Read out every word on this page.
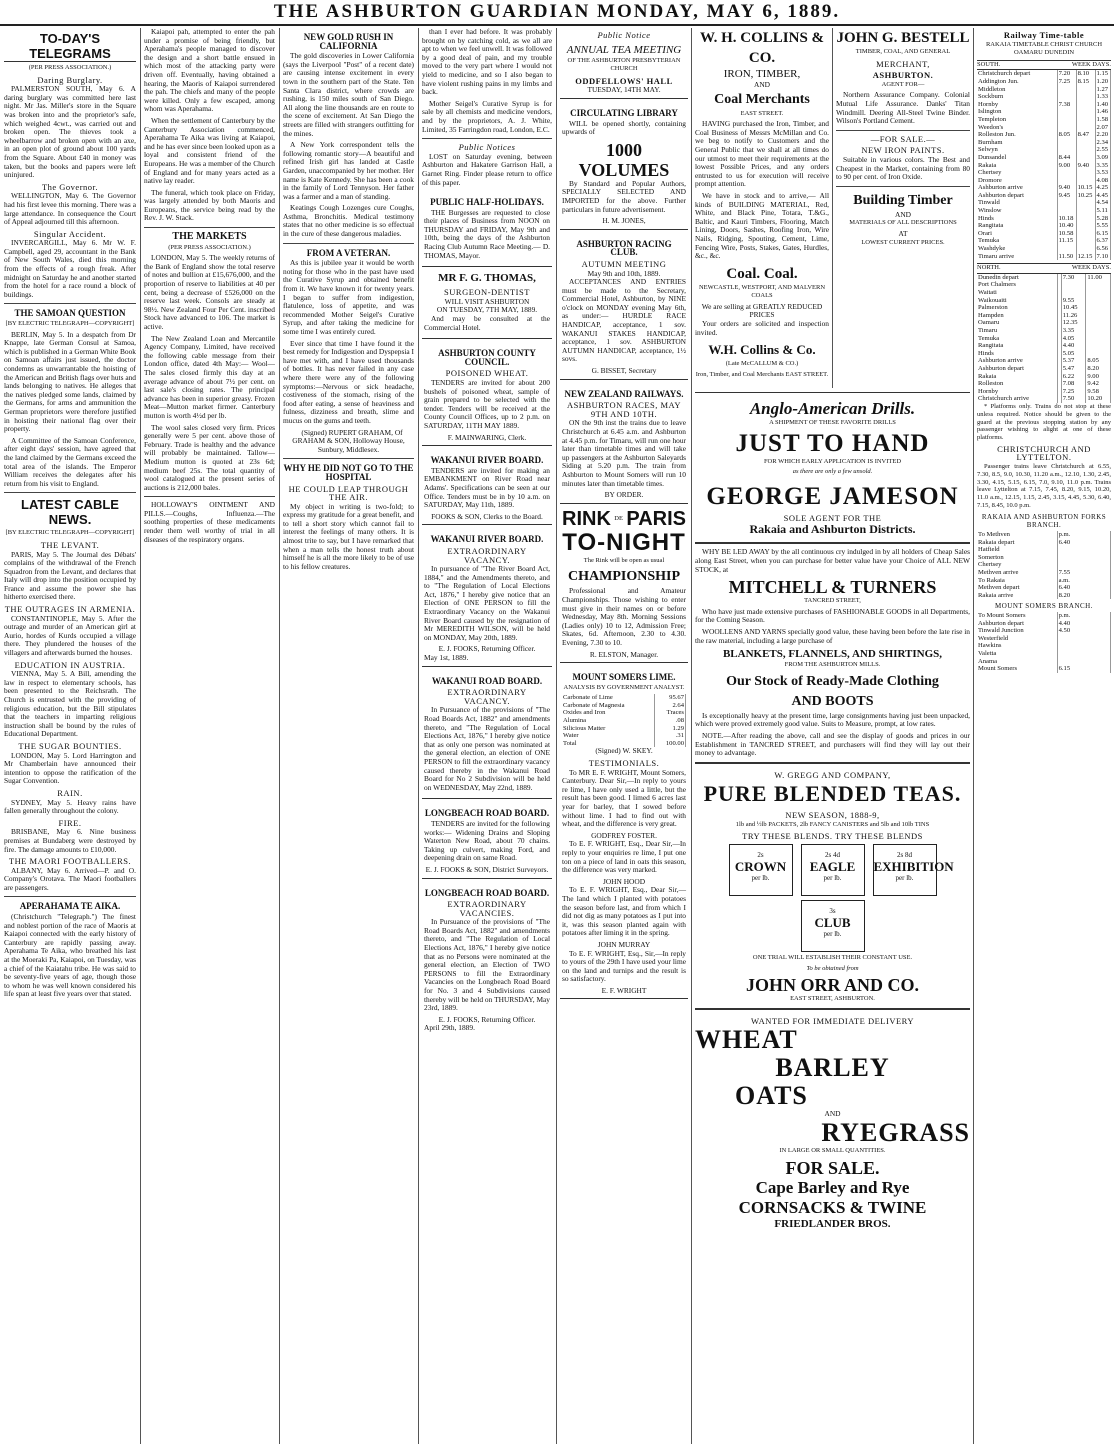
THE ASHBURTON GUARDIAN MONDAY, MAY 6, 1889.
TO-DAY'S TELEGRAMS
(PER PRESS ASSOCIATION.)
Daring Burglary.

PALMERSTON SOUTH, May 6. A daring burglary was committed here last night. Mr Jas. Miller's store in the Square was broken into and the proprietor's safe, which weighed 4cwt., was carried out and broken open. The thieves took a wheelbarrow and broken open with an axe, in an open plot of ground about 100 yards from the Square. About £40 in money was taken, but the books and papers were left uninjured.

The Governor.

WELLINGTON, May 6. The Governor had his first levee this morning. There was a large attendance. In consequence the Court of Appeal adjourned till this afternoon.

Singular Accident.

INVERCARGILL, May 6. Mr W. F. Campbell, aged 29, accountant in the Bank of New South Wales, died this morning from the effects of a rough freak. After midnight on Saturday he and another started from the hotel for a race round a block of buildings.

THE SAMOAN QUESTION
[BY ELECTRIC TELEGRAPH—COPYRIGHT]

BERLIN, May 5. In a despatch from Dr Knappe, late German Consul at Samoa, which is published in a German White Book on Samoan affairs just issued, the doctor condemns as unwarrantable the hoisting of the American and British flags over huts and lands belonging to natives. He alleges that the natives pledged some lands, claimed by the Germans, for arms and ammunition the German proprietors were therefore justified in hoisting their national flag over their property.

A Committee of the Samoan Conference, after eight days' session, have agreed that the land claimed by the Germans exceed the total area of the islands. The Emperor William receives the delegates after his return from his visit to England.

LATEST CABLE NEWS.
[BY ELECTRIC TELEGRAPH—COPYRIGHT]
THE LEVANT.

PARIS, May 5. The Journal des Débats' complains of the withdrawal of the French Squadron from the Levant, and declares that Italy will drop into the position occupied by France and assume the power she has hitherto exercised there.

THE OUTRAGES IN ARMENIA.

CONSTANTINOPLE, May 5. After the outrage and murder of an American girl at Aurio, hordes of Kurds occupied a village there. They plundered the houses of the villagers and afterwards burned the houses.

EDUCATION IN AUSTRIA.

VIENNA, May 5. A Bill, amending the law in respect to elementary schools, has been presented to the Reichsrath. The Church is entrusted with the providing of religious education, but the Bill stipulates that the teachers in imparting religious instruction shall be bound by the rules of Educational Department.

THE SUGAR BOUNTIES.

LONDON, May 5. Lord Harrington and Mr Chamberlain have announced their intention to oppose the ratification of the Sugar Convention.

RAIN.

SYDNEY, May 5. Heavy rains have fallen generally throughout the colony.

FIRE.

BRISBANE, May 6. Nine business premises at Bundaberg were destroyed by fire. The damage amounts to £10,000.

THE MAORI FOOTBALLERS.

ALBANY, May 6. Arrived—P. and O. Company's Orotava. The Maori footballers are passengers.

APERAHAMA TE AIKA.

(Christchurch "Telegraph.") The finest and noblest portion of the race of Maoris at Kaiapoi connected with the early history of Canterbury are rapidly passing away. Aperahama Te Aika, who breathed his last at the Moeraki Pa, Kaiapoi, on Tuesday, was a chief of the Kaiatahu tribe. He was said to be seventy-five years of age, though those to whom he was well known considered his life span at least five years over that stated.

Kaiapoi pah, attempted to enter the pah under a promise of being friendly, but Aperahama's people managed to discover the design and a short battle ensued in which most of the attacking party were driven off. Eventually, having obtained a hearing, the Maoris of Kaiapoi surrendered the pah. The chiefs and many of the people were killed. Only a few escaped, among whom was Aperahama.

When the settlement of Canterbury by the Canterbury Association commenced, Aperahama Te Aika was living at Kaiapoi, and he has ever since been looked upon as a loyal and consistent friend of the Europeans. He was a member of the Church of England and for many years acted as a native lay reader.

The funeral, which took place on Friday, was largely attended by both Maoris and Europeans, the service being read by the Rev. J. W. Stack.

THE MARKETS
(PER PRESS ASSOCIATION.)

LONDON, May 5. The weekly returns of the Bank of England show the total reserve of notes and bullion at £15,676,000, and the proportion of reserve to liabilities at 40 per cent, being a decrease of £526,000 on the reserve last week. Consols are steady at 98½. New Zealand Four Per Cent. inscribed Stock have advanced to 106. The market is active.

The New Zealand Loan and Mercantile Agency Company, Limited, have received the following cable message from their London office, dated 4th May:— Wool—The sales closed firmly this day at an average advance of about 7½ per cent. on last sale's closing rates. The principal advance has been in superior greasy. Frozen Meat—Mutton market firmer. Canterbury mutton is worth 4½d per lb.

The wool sales closed very firm. Prices generally were 5 per cent. above those of February. Trade is healthy and the advance will probably be maintained. Tallow—Medium mutton is quoted at 23s 6d; medium beef 25s. The total quantity of wool catalogued at the present series of auctions is 212,000 bales.

HOLLOWAY'S OINTMENT AND PILLS.—Coughs, Influenza.—The soothing properties of these medicaments render them well worthy of trial in all diseases of the respiratory organs.

NEW GOLD RUSH IN CALIFORNIA

The gold discoveries in Lower California (says the Liverpool "Post" of a recent date) are causing intense excitement in every town in the southern part of the State. Ten Santa Clara district, where crowds are rushing, is 150 miles south of San Diego. All along the line thousands are en route to the scene of excitement. At San Diego the streets are filled with strangers outfitting for the mines.

A New York correspondent tells the following romantic story—A beautiful and refined Irish girl has landed at Castle Garden, unaccompanied by her mother. Her name is Kate Kennedy. She has been a cook in the family of Lord Tennyson. Her father was a farmer and a man of standing.

Keatings Cough Lozenges cure Coughs, Asthma, Bronchitis. Medical testimony states that no other medicine is so effectual in the cure of these dangerous maladies.

FROM A VETERAN.

As this is jubilee year it would be worth noting for those who in the past have used the Curative Syrup and obtained benefit from it. We have known it for twenty years. I began to suffer from indigestion, flatulence, loss of appetite, and was recommended Mother Seigel's Curative Syrup, and after taking the medicine for some time I was entirely cured.

Ever since that time I have found it the best remedy for Indigestion and Dyspepsia I have met with, and I have used thousands of bottles. It has never failed in any case where there were any of the following symptoms:—Nervous or sick headache, costiveness of the stomach, rising of the food after eating, a sense of heaviness and fulness, dizziness and breath, slime and mucus on the gums and teeth.

(Signed) RUPERT GRAHAM, Of GRAHAM & SON, Holloway House, Sunbury, Middlesex.

WHY HE DID NOT GO TO THE HOSPITAL
HE COULD LEAP THROUGH THE AIR.

My object in writing is two-fold; to express my gratitude for a great benefit, and to tell a short story which cannot fail to interest the feelings of many others. It is almost trite to say, but I have remarked that when a man tells the honest truth about himself he is all the more likely to be of use to his fellow creatures.

than I ever had before. It was probably brought on by catching cold, as we all are apt to when we feel unwell. It was followed by a good deal of pain, and my trouble moved to the very part where I would not yield to medicine, and so I also began to have violent rushing pains in my limbs and back.

Mother Seigel's Curative Syrup is for sale by all chemists and medicine vendors, and by the proprietors, A. J. White, Limited, 35 Farringdon road, London, E.C.

Public Notices

LOST on Saturday evening, between Ashburton and Hakatere Garrison Hall, a Garnet Ring. Finder please return to office of this paper.

PUBLIC HALF-HOLIDAYS.

THE Burgesses are requested to close their places of Business from NOON on THURSDAY and FRIDAY, May 9th and 10th, being the days of the Ashburton Racing Club Autumn Race Meeting.— D. THOMAS, Mayor.

MR F. G. THOMAS,
SURGEON-DENTIST
WILL VISIT ASHBURTON
ON TUESDAY, 7TH MAY, 1889.

And may be consulted at the Commercial Hotel.

ASHBURTON COUNTY COUNCIL.
POISONED WHEAT.

TENDERS are invited for about 200 bushels of poisoned wheat, sample of grain prepared to be selected with the tender. Tenders will be received at the County Council Offices, up to 2 p.m. on SATURDAY, 11TH MAY 1889.

F. MAINWARING, Clerk.
WAKANUI RIVER BOARD.

TENDERS are invited for making an EMBANKMENT on River Road near Adams'. Specifications can be seen at our Office. Tenders must be in by 10 a.m. on SATURDAY, May 11th, 1889.

FOOKS & SON, Clerks to the Board.
WAKANUI RIVER BOARD.
EXTRAORDINARY VACANCY.

In pursuance of "The River Board Act, 1884," and the Amendments thereto, and to "The Regulation of Local Elections Act, 1876," I hereby give notice that an Election of ONE PERSON to fill the Extraordinary Vacancy on the Wakanui River Board caused by the resignation of Mr MEREDITH WILSON, will be held on MONDAY, May 20th, 1889.

E. J. FOOKS, Returning Officer.
May 1st, 1889.
WAKANUI ROAD BOARD.
EXTRAORDINARY VACANCY.

In Pursuance of the provisions of "The Road Boards Act, 1882" and amendments thereto, and "The Regulation of Local Elections Act, 1876," I hereby give notice that as only one person was nominated at the general election, an election of ONE PERSON to fill the extraordinary vacancy caused thereby in the Wakanui Road Board for No 2 Subdivision will be held on WEDNESDAY, May 22nd, 1889.

LONGBEACH ROAD BOARD.

TENDERS are invited for the following works:— Widening Drains and Sloping Waterton New Road, about 70 chains. Taking up culvert, making Ford, and deepening drain on same Road.

E. J. FOOKS & SON, District Surveyors.
LONGBEACH ROAD BOARD.
EXTRAORDINARY VACANCIES.

In Pursuance of the provisions of "The Road Boards Act, 1882" and amendments thereto, and "The Regulation of Local Elections Act, 1876," I hereby give notice that as no Persons were nominated at the general election, an Election of TWO PERSONS to fill the Extraordinary Vacancies on the Longbeach Road Board for No. 3 and 4 Subdivisions caused thereby will be held on THURSDAY, May 23rd, 1889.

E. J. FOOKS, Returning Officer.
April 29th, 1889.
Public Notice
ANNUAL TEA MEETING
OF THE ASHBURTON PRESBYTERIAN CHURCH
ODDFELLOWS' HALL
TUESDAY, 14TH MAY.
CIRCULATING LIBRARY

WILL be opened shortly, containing upwards of

1000 VOLUMES

By Standard and Popular Authors, SPECIALLY SELECTED AND IMPORTED for the above. Further particulars in future advertisement.

H. M. JONES,
ASHBURTON RACING CLUB.
AUTUMN MEETING
May 9th and 10th, 1889.

ACCEPTANCES AND ENTRIES must be made to the Secretary, Commercial Hotel, Ashburton, by NINE o'clock on MONDAY evening May 6th, as under:— HURDLE RACE HANDICAP, acceptance, 1 sov. WAKANUI STAKES HANDICAP, acceptance, 1 sov. ASHBURTON AUTUMN HANDICAP, acceptance, 1½ sovs.

G. BISSET, Secretary
NEW ZEALAND RAILWAYS.
ASHBURTON RACES, MAY 9TH AND 10TH.

ON the 9th inst the trains due to leave Christchurch at 6.45 a.m. and Ashburton at 4.45 p.m. for Timaru, will run one hour later than timetable times and will take up passengers at the Ashburton Saleyards Siding at 5.20 p.m. The train from Ashburton to Mount Somers will run 10 minutes later than timetable times.

BY ORDER.
RINK DE PARIS
TO-NIGHT
The Rink will be open as usual
CHAMPIONSHIP

Professional and Amateur Championships. Those wishing to enter must give in their names on or before Wednesday, May 8th. Morning Sessions (Ladies only) 10 to 12, Admission Free; Skates, 6d. Afternoon, 2.30 to 4.30. Evening, 7.30 to 10.

R. ELSTON, Manager.
MOUNT SOMERS LIME.
ANALYSIS BY GOVERNMENT ANALYST.
Carbonate of Lime	95.67
Carbonate of Magnesia	2.64
Oxides and Iron	Traces
Alumina	.08
Silicious Matter	1.29
Water	.31
Total	100.00
(Signed) W. SKEY.
TESTIMONIALS.

To MR E. F. WRIGHT, Mount Somers, Canterbury. Dear Sir,—In reply to yours re lime, I have only used a little, but the result has been good. I limed 6 acres last year for barley, that I sowed before without lime. I had to find out with wheat, and the difference is very great.

GODFREY FOSTER.

To E. F. WRIGHT, Esq., Dear Sir,—In reply to your enquiries re lime, I put one ton on a piece of land in oats this season, the difference was very marked.

JOHN HOOD

To E. F. WRIGHT, Esq., Dear Sir,—The land which I planted with potatoes the season before last, and from which I did not dig as many potatoes as I put into it, was this season planted again with potatoes after liming it in the spring.

JOHN MURRAY

To E. F. WRIGHT, Esq., Sir,—In reply to yours of the 29th I have used your lime on the land and turnips and the result is so satisfactory.

E. F. WRIGHT
W. H. COLLINS & CO.
IRON, TIMBER,
AND
Coal Merchants
EAST STREET.

HAVING purchased the Iron, Timber, and Coal Business of Messrs McMillan and Co. we beg to notify to Customers and the General Public that we shall at all times do our utmost to meet their requirements at the lowest Possible Prices, and any orders entrusted to us for execution will receive prompt attention.

We have in stock and to arrive,— All kinds of BUILDING MATERIAL, Red, White, and Black Pine, Totara, T.&G., Baltic, and Kauri Timbers, Flooring, Match Lining, Doors, Sashes, Roofing Iron, Wire Nails, Ridging, Spouting, Cement, Lime, Fencing Wire, Posts, Stakes, Gates, Hurdles, &c., &c.

Coal. Coal.
NEWCASTLE, WESTPORT, AND MALVERN COALS
We are selling at GREATLY REDUCED PRICES

Your orders are solicited and inspection invited.

W.H. Collins & Co.
(Late McCALLUM & CO.)
Iron, Timber, and Coal Merchants EAST STREET.
JOHN G. BESTELL
TIMBER, COAL, AND GENERAL
MERCHANT,
ASHBURTON.
AGENT FOR—

Northern Assurance Company. Colonial Mutual Life Assurance. Danks' Titan Windmill. Deering All-Steel Twine Binder. Wilson's Portland Cement.

—FOR SALE.—
NEW IRON PAINTS.

Suitable in various colors. The Best and Cheapest in the Market, containing from 80 to 90 per cent. of Iron Oxide.

Building Timber
AND
MATERIALS OF ALL DESCRIPTIONS
AT
LOWEST CURRENT PRICES.
Anglo-American Drills.
A SHIPMENT OF THESE FAVORITE DRILLS
JUST TO HAND
FOR WHICH EARLY APPLICATION IS INVITED
as there are only a few unsold.
GEORGE JAMESON
SOLE AGENT FOR THE
Rakaia and Ashburton Districts.

WHY BE LED AWAY by the all continuous cry indulged in by all holders of Cheap Sales along East Street, when you can purchase for better value have your Choice of ALL NEW STOCK, at

MITCHELL & TURNERS
TANCRED STREET,

Who have just made extensive purchases of FASHIONABLE GOODS in all Departments, for the Coming Season.

WOOLLENS AND YARNS specially good value, these having been before the late rise in the raw material, including a large purchase of

BLANKETS, FLANNELS, AND SHIRTINGS,
FROM THE ASHBURTON MILLS.
Our Stock of Ready-Made Clothing
AND BOOTS

Is exceptionally heavy at the present time, large consignments having just been unpacked, which were proved extremely good value. Suits to Measure, prompt, at low rates.

NOTE.—After reading the above, call and see the display of goods and prices in our Establishment in TANCRED STREET, and purchasers will find they will lay out their money to advantage.

W. GREGG AND COMPANY,
PURE BLENDED TEAS.
NEW SEASON, 1888-9,
1lb and ½lb PACKETS, 2lb FANCY CANISTERS and 5lb and 10lb TINS
TRY THESE BLENDS. TRY THESE BLENDS
2s
CROWN
per lb.2s 4d
EAGLE
per lb.2s 8d
EXHIBITION
per lb.3s
CLUB
per lb.
ONE TRIAL WILL ESTABLISH THEIR CONSTANT USE.
To be obtained from
JOHN ORR AND CO.
EAST STREET, ASHBURTON.
WANTED FOR IMMEDIATE DELIVERY
WHEAT
BARLEY
OATS
AND
RYEGRASS
IN LARGE OR SMALL QUANTITIES.
FOR SALE.
Cape Barley and Rye
CORNSACKS & TWINE
FRIEDLANDER BROS.
Railway Time-table
RAKAIA TIMETABLE CHRIST CHURCH OAMARU DUNEDIN
SOUTH.	WEEK DAYS.
Christchurch depart	7.20	8.10	1.15
Addington Jun.	7.25	8.15	1.20
Middleton			1.27
Sockburn			1.33
Hornby	7.38		1.40
Islington			1.46
Templeton			1.58
Weedon's			2.07
Rolleston Jun.	8.05	8.47	2.20
Burnham			2.34
Selwyn			2.55
Dunsandel	8.44		3.09
Rakaia	9.00	9.40	3.35
Chertsey			3.53
Dromore			4.08
Ashburton arrive	9.40	10.15	4.25
Ashburton depart	9.45	10.25	4.45
Tinwald			4.54
Winslow			5.11
Hinds	10.18		5.28
Rangitata	10.40		5.55
Orari	10.58		6.15
Temuka	11.15		6.37
Washdyke			6.56
Timaru arrive	11.50	12.15	7.10
NORTH.	WEEK DAYS.
Dunedin depart		7.30	11.00
Port Chalmers			
Waitati			
Waikouaiti		9.55	
Palmerston		10.45	
Hampden		11.26	
Oamaru		12.35	
Timaru		3.35	
Temuka		4.05	
Rangitata		4.40	
Hinds		5.05	
Ashburton arrive		5.37	8.05
Ashburton depart		5.47	8.20
Rakaia		6.22	9.00
Rolleston		7.08	9.42
Hornby		7.25	9.58
Christchurch arrive		7.50	10.20

* Platforms only. Trains do not stop at these unless required. Notice should be given to the guard at the previous stopping station by any passenger wishing to alight at one of these platforms.

CHRISTCHURCH AND LYTTELTON.

Passenger trains leave Christchurch at 6.55, 7.30, 8.5, 9.0, 10.30, 11.20 a.m., 12.10, 1.30, 2.45, 3.30, 4.15, 5.15, 6.15, 7.0, 9.10, 11.0 p.m. Trains leave Lyttelton at 7.15, 7.45, 8.20, 9.15, 10.20, 11.0 a.m., 12.15, 1.15, 2.45, 3.15, 4.45, 5.30, 6.40, 7.15, 8.45, 10.0 p.m.

RAKAIA AND ASHBURTON FORKS BRANCH.
To Methven	p.m.
Rakaia depart	6.40
Hatfield	
Somerton	
Chertsey	
Methven arrive	7.55
To Rakaia	a.m.
Methven depart	6.40
Rakaia arrive	8.20
MOUNT SOMERS BRANCH.
To Mount Somers	p.m.
Ashburton depart	4.40
Tinwald Junction	4.50
Westerfield	
Hawkins	
Valetta	
Anama	
Mount Somers	6.15
